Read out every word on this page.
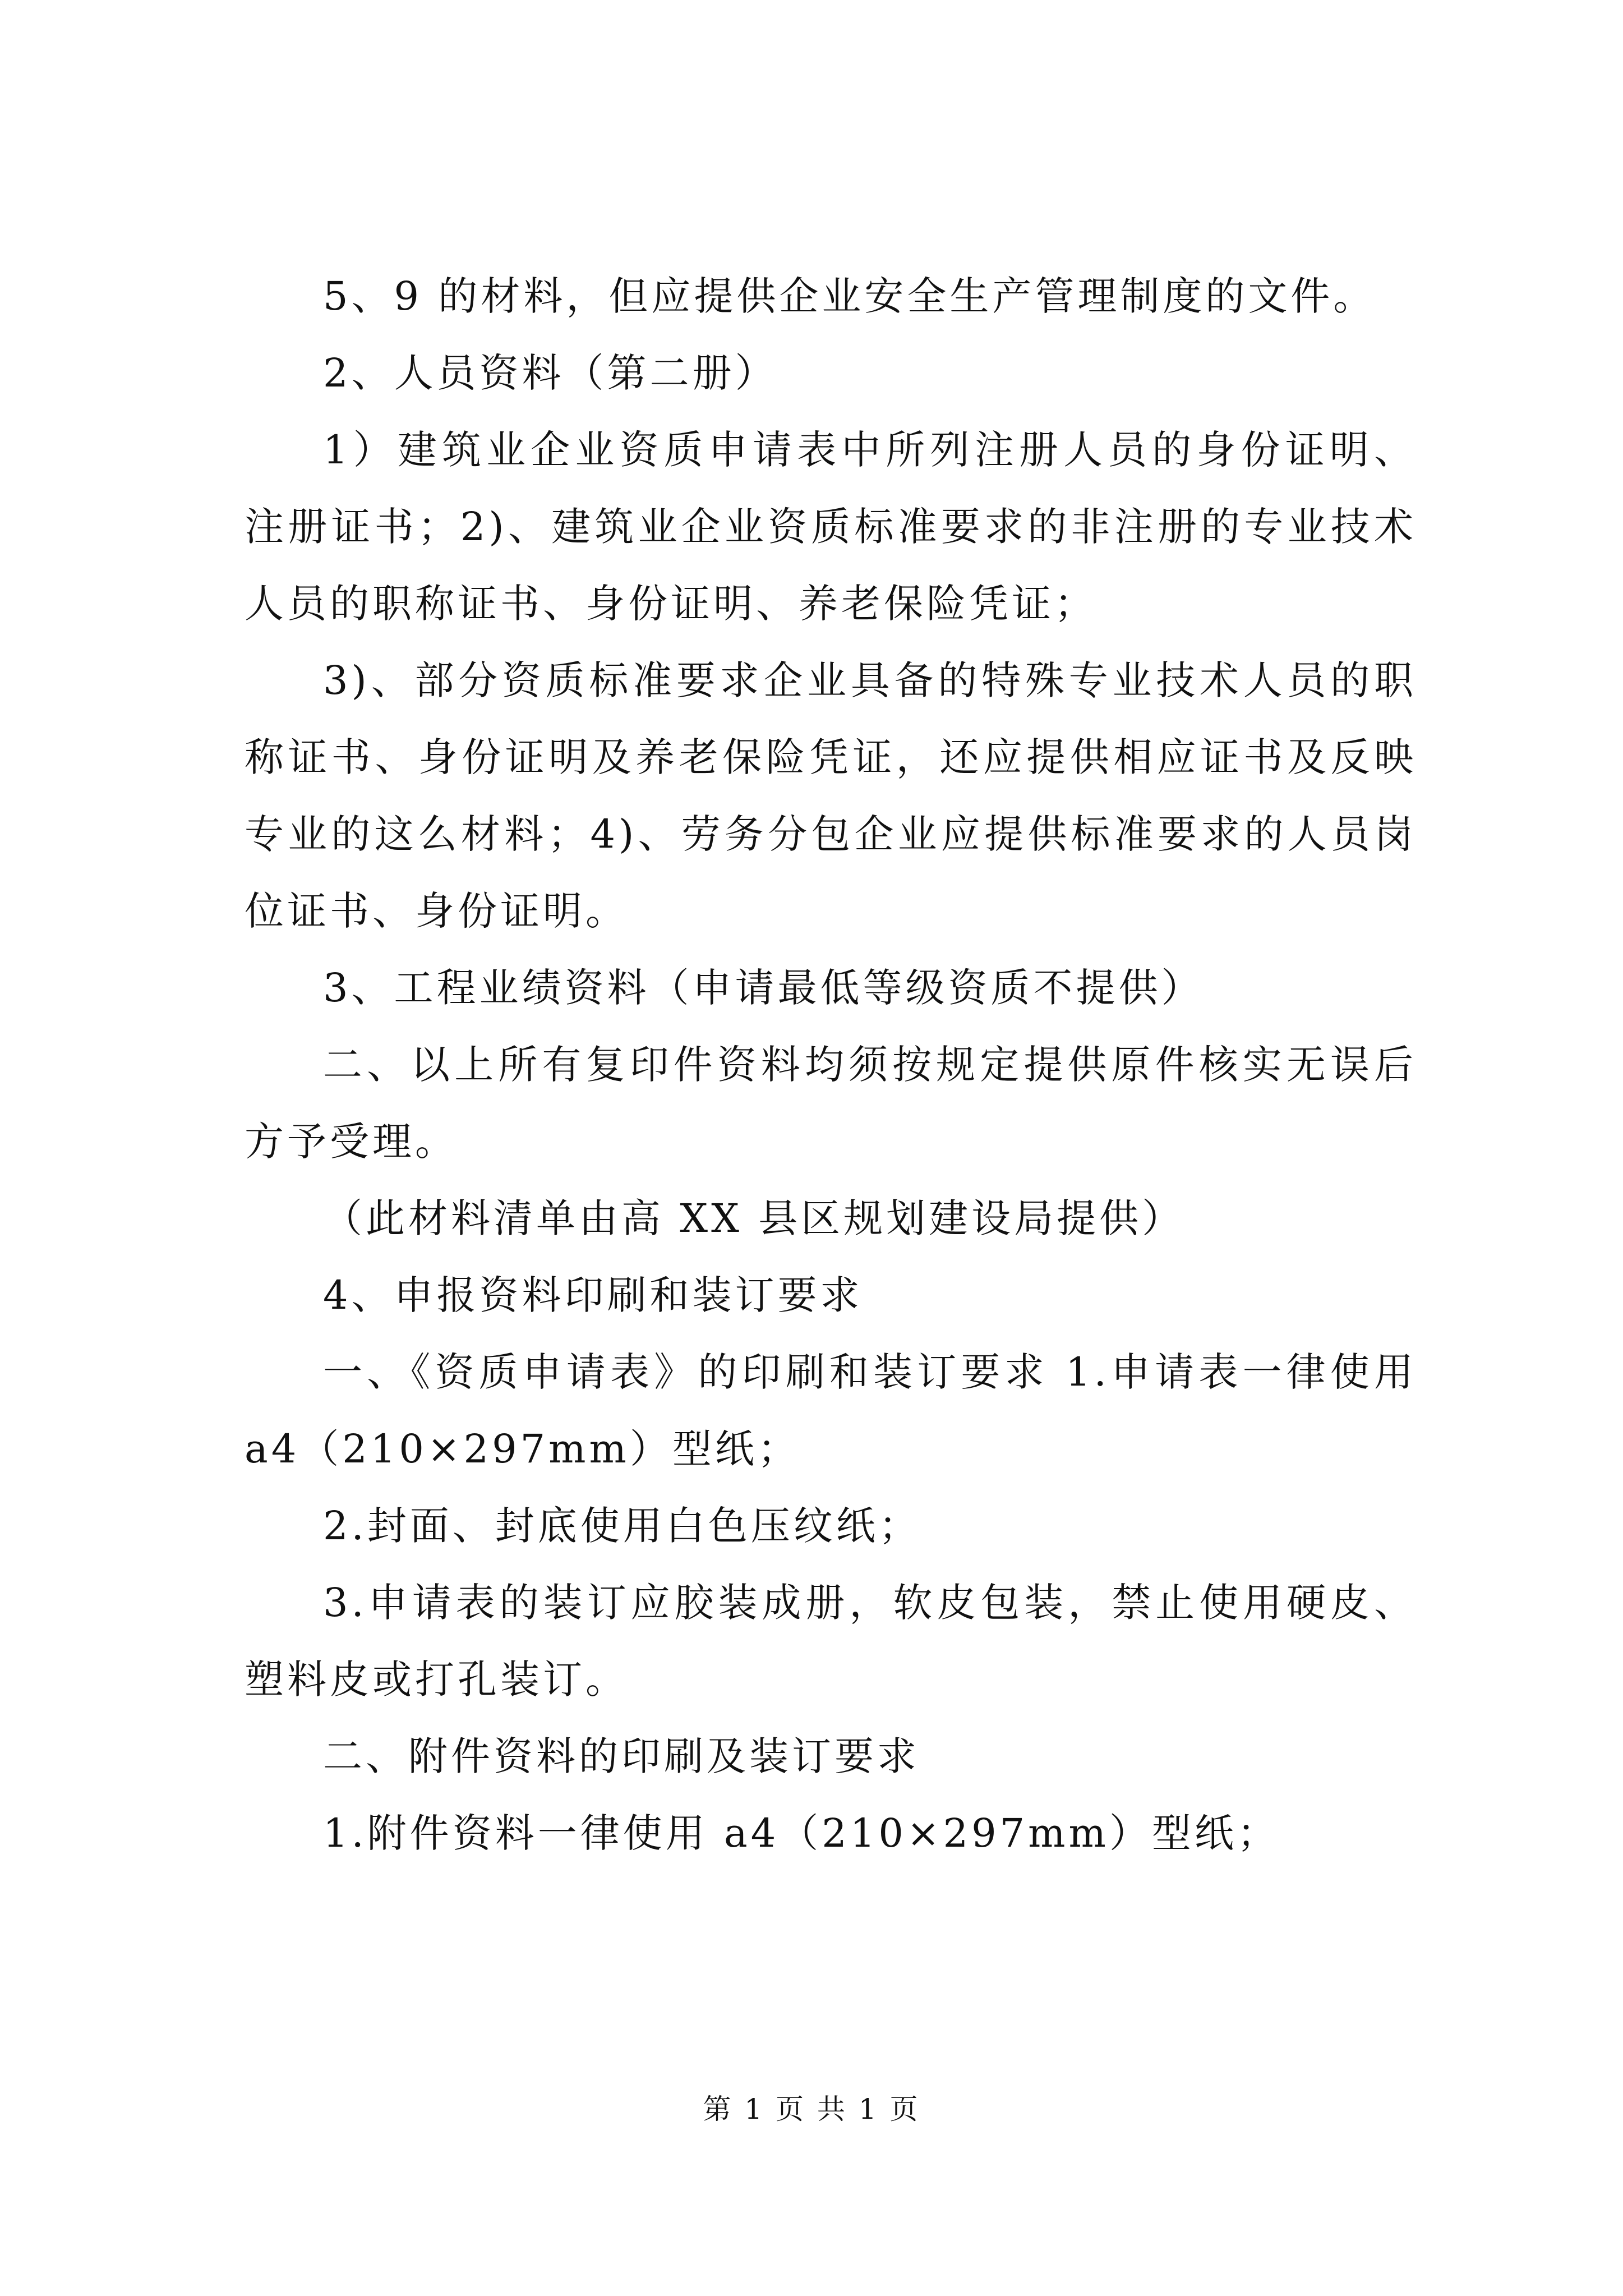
5、9 的材料，但应提供企业安全生产管理制度的文件。

2、人员资料（第二册）

1）建筑业企业资质申请表中所列注册人员的身份证明、注册证书；2)、建筑业企业资质标准要求的非注册的专业技术人员的职称证书、身份证明、养老保险凭证；

3)、部分资质标准要求企业具备的特殊专业技术人员的职称证书、身份证明及养老保险凭证，还应提供相应证书及反映专业的这么材料；4)、劳务分包企业应提供标准要求的人员岗位证书、身份证明。

3、工程业绩资料（申请最低等级资质不提供）

二、以上所有复印件资料均须按规定提供原件核实无误后方予受理。

（此材料清单由高 XX 县区规划建设局提供）

4、申报资料印刷和装订要求

一、《资质申请表》的印刷和装订要求 1.申请表一律使用 a4（210×297mm）型纸；

2.封面、封底使用白色压纹纸；

3.申请表的装订应胶装成册，软皮包装，禁止使用硬皮、塑料皮或打孔装订。

二、附件资料的印刷及装订要求

1.附件资料一律使用 a4（210×297mm）型纸；

第 1 页 共 1 页
